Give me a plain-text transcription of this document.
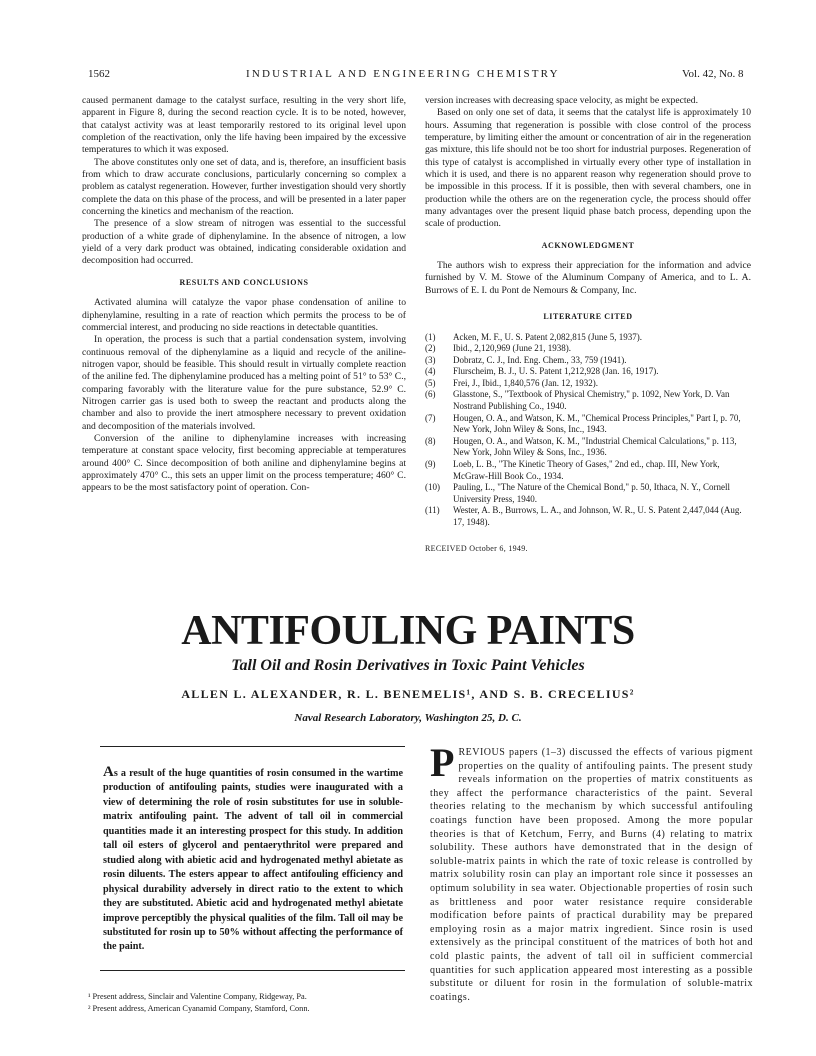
1562	INDUSTRIAL AND ENGINEERING CHEMISTRY	Vol. 42, No. 8

caused permanent damage to the catalyst surface, resulting in the very short life, apparent in Figure 8, during the second reaction cycle. It is to be noted, however, that catalyst activity was at least temporarily restored to its original level upon completion of the reactivation, only the life having been impaired by the excessive temperatures to which it was exposed.

The above constitutes only one set of data, and is, therefore, an insufficient basis from which to draw accurate conclusions, particularly concerning so complex a problem as catalyst regeneration. However, further investigation should very shortly complete the data on this phase of the process, and will be presented in a later paper concerning the kinetics and mechanism of the reaction.

The presence of a slow stream of nitrogen was essential to the successful production of a white grade of diphenylamine. In the absence of nitrogen, a low yield of a very dark product was obtained, indicating considerable oxidation and decomposition had occurred.

RESULTS AND CONCLUSIONS

Activated alumina will catalyze the vapor phase condensation of aniline to diphenylamine, resulting in a rate of reaction which permits the process to be of commercial interest, and producing no side reactions in detectable quantities.

In operation, the process is such that a partial condensation system, involving continuous removal of the diphenylamine as a liquid and recycle of the aniline-nitrogen vapor, should be feasible. This should result in virtually complete reaction of the aniline fed. The diphenylamine produced has a melting point of 51° to 53° C., comparing favorably with the literature value for the pure substance, 52.9° C. Nitrogen carrier gas is used both to sweep the reactant and products along the chamber and also to provide the inert atmosphere necessary to prevent oxidation and decomposition of the materials involved.

Conversion of the aniline to diphenylamine increases with increasing temperature at constant space velocity, first becoming appreciable at temperatures around 400° C. Since decomposition of both aniline and diphenylamine begins at approximately 470° C., this sets an upper limit on the process temperature; 460° C. appears to be the most satisfactory point of operation. Con-

version increases with decreasing space velocity, as might be expected.

Based on only one set of data, it seems that the catalyst life is approximately 10 hours. Assuming that regeneration is possible with close control of the process temperature, by limiting either the amount or concentration of air in the regeneration gas mixture, this life should not be too short for industrial purposes. Regeneration of this type of catalyst is accomplished in virtually every other type of installation in which it is used, and there is no apparent reason why regeneration should prove to be impossible in this process. If it is possible, then with several chambers, one in production while the others are on the regeneration cycle, the process should offer many advantages over the present liquid phase batch process, depending upon the scale of production.

ACKNOWLEDGMENT

The authors wish to express their appreciation for the information and advice furnished by V. M. Stowe of the Aluminum Company of America, and to L. A. Burrows of E. I. du Pont de Nemours & Company, Inc.

LITERATURE CITED
(1)	Acken, M. F., U. S. Patent 2,082,815 (June 5, 1937).
(2)	Ibid., 2,120,969 (June 21, 1938).
(3)	Dobratz, C. J., Ind. Eng. Chem., 33, 759 (1941).
(4)	Flurscheim, B. J., U. S. Patent 1,212,928 (Jan. 16, 1917).
(5)	Frei, J., Ibid., 1,840,576 (Jan. 12, 1932).
(6)	Glasstone, S., "Textbook of Physical Chemistry," p. 1092, New York, D. Van Nostrand Publishing Co., 1940.
(7)	Hougen, O. A., and Watson, K. M., "Chemical Process Principles," Part I, p. 70, New York, John Wiley & Sons, Inc., 1943.
(8)	Hougen, O. A., and Watson, K. M., "Industrial Chemical Calculations," p. 113, New York, John Wiley & Sons, Inc., 1936.
(9)	Loeb, L. B., "The Kinetic Theory of Gases," 2nd ed., chap. III, New York, McGraw-Hill Book Co., 1934.
(10)	Pauling, L., "The Nature of the Chemical Bond," p. 50, Ithaca, N. Y., Cornell University Press, 1940.
(11)	Wester, A. B., Burrows, L. A., and Johnson, W. R., U. S. Patent 2,447,044 (Aug. 17, 1948).
RECEIVED October 6, 1949.
ANTIFOULING PAINTS
Tall Oil and Rosin Derivatives in Toxic Paint Vehicles
ALLEN L. ALEXANDER, R. L. BENEMELIS¹, AND S. B. CRECELIUS²
Naval Research Laboratory, Washington 25, D. C.
As a result of the huge quantities of rosin consumed in the wartime production of antifouling paints, studies were inaugurated with a view of determining the role of rosin substitutes for use in soluble-matrix antifouling paint. The advent of tall oil in commercial quantities made it an interesting prospect for this study. In addition tall oil esters of glycerol and pentaerythritol were prepared and studied along with abietic acid and hydrogenated methyl abietate as rosin diluents. The esters appear to affect antifouling efficiency and physical durability adversely in direct ratio to the extent to which they are substituted. Abietic acid and hydrogenated methyl abietate improve perceptibly the physical qualities of the film. Tall oil may be substituted for rosin up to 50% without affecting the performance of the paint.
¹ Present address, Sinclair and Valentine Company, Ridgeway, Pa.
² Present address, American Cyanamid Company, Stamford, Conn.
PREVIOUS papers (1–3) discussed the effects of various pigment properties on the quality of antifouling paints. The present study reveals information on the properties of matrix constituents as they affect the performance characteristics of the paint. Several theories relating to the mechanism by which successful antifouling coatings function have been proposed. Among the more popular theories is that of Ketchum, Ferry, and Burns (4) relating to matrix solubility. These authors have demonstrated that in the design of soluble-matrix paints in which the rate of toxic release is controlled by matrix solubility rosin can play an important role since it possesses an optimum solubility in sea water. Objectionable properties of rosin such as brittleness and poor water resistance require considerable modification before paints of practical durability may be prepared employing rosin as a major matrix ingredient. Since rosin is used extensively as the principal constituent of the matrices of both hot and cold plastic paints, the advent of tall oil in sufficient commercial quantities for such application appeared most interesting as a possible substitute or diluent for rosin in the formulation of soluble-matrix coatings.
